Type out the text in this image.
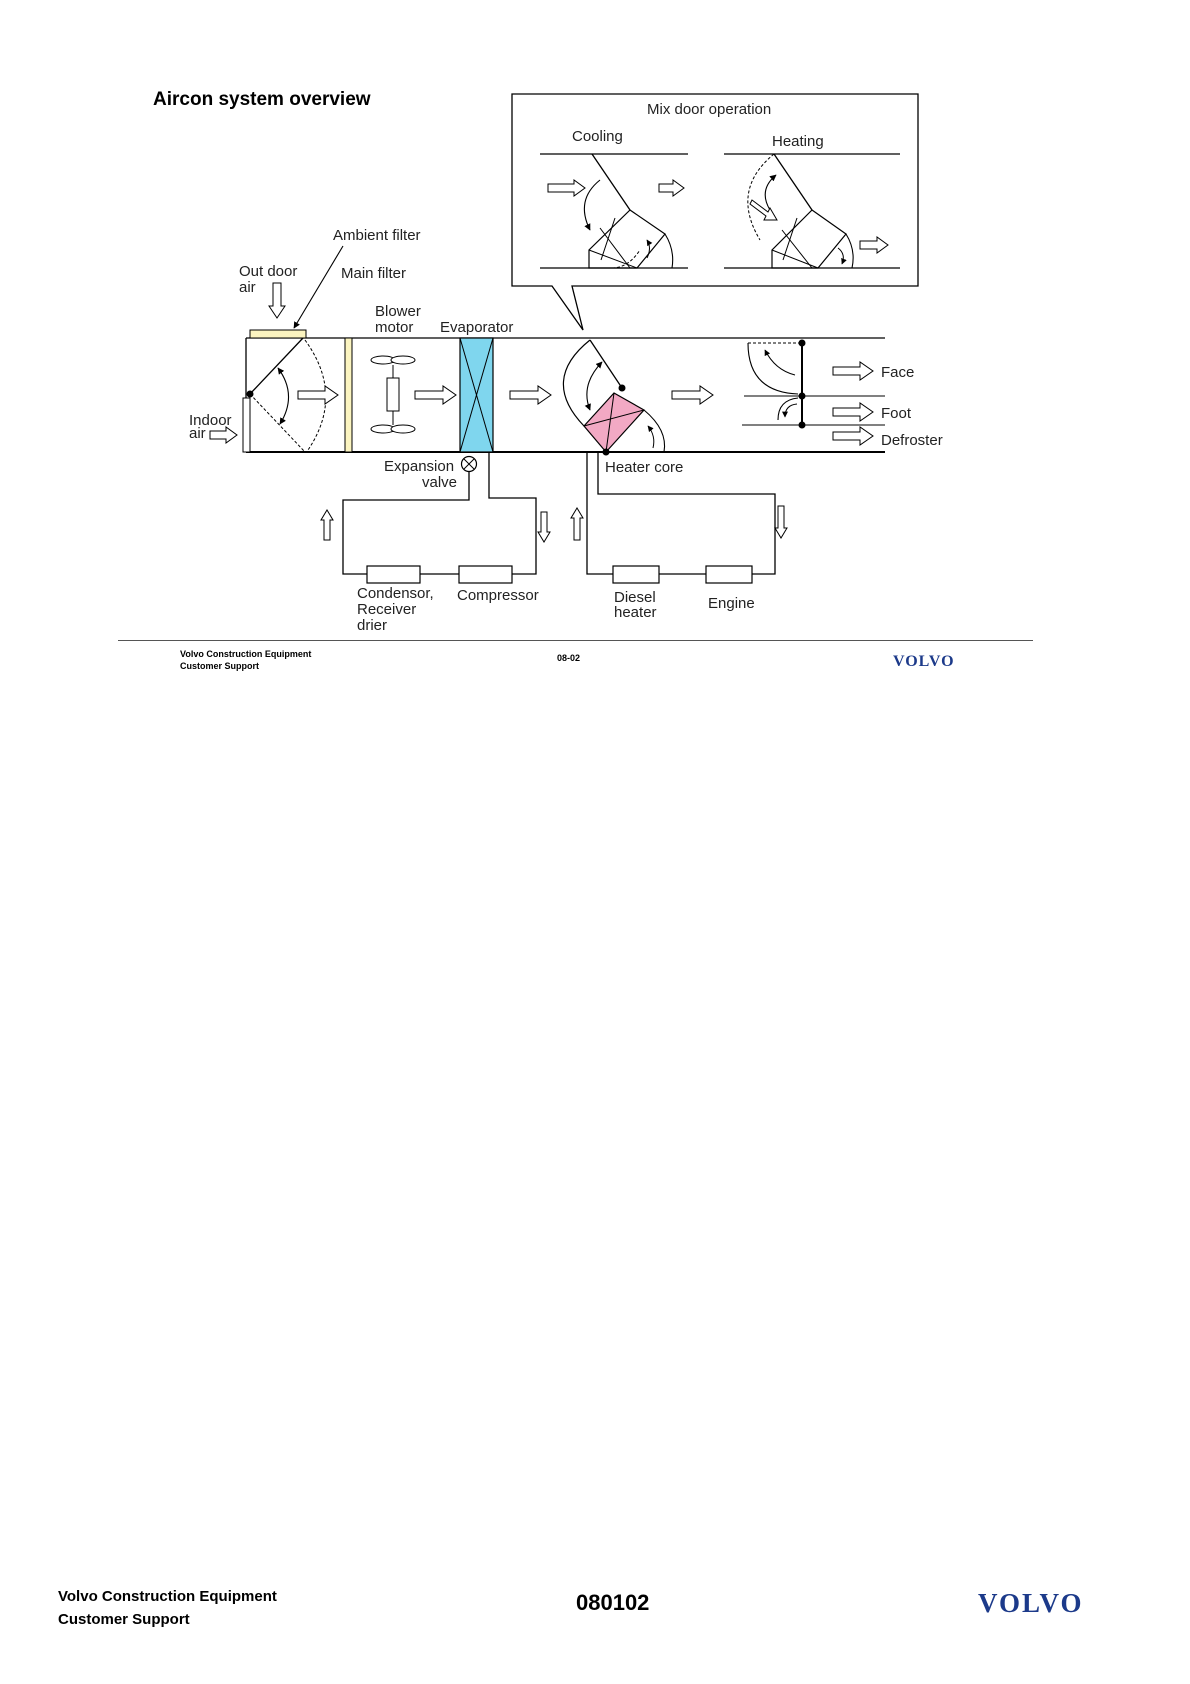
Aircon system overview	Mix door operation
Cooling	Heating
Ambient filter
Out door
air
Main filter
Indoor
air
Blower
motor Evaporator
Face
Foot
Defroster
Expansion
valve
Heater core
Condensor,
Receiver
drier
Compressor	Diesel
heater
Engine
Volvo Construction Equipment
Customer Support
08-02	VOLVO
Volvo Construction Equipment
Customer Support
080102	VOLVO
